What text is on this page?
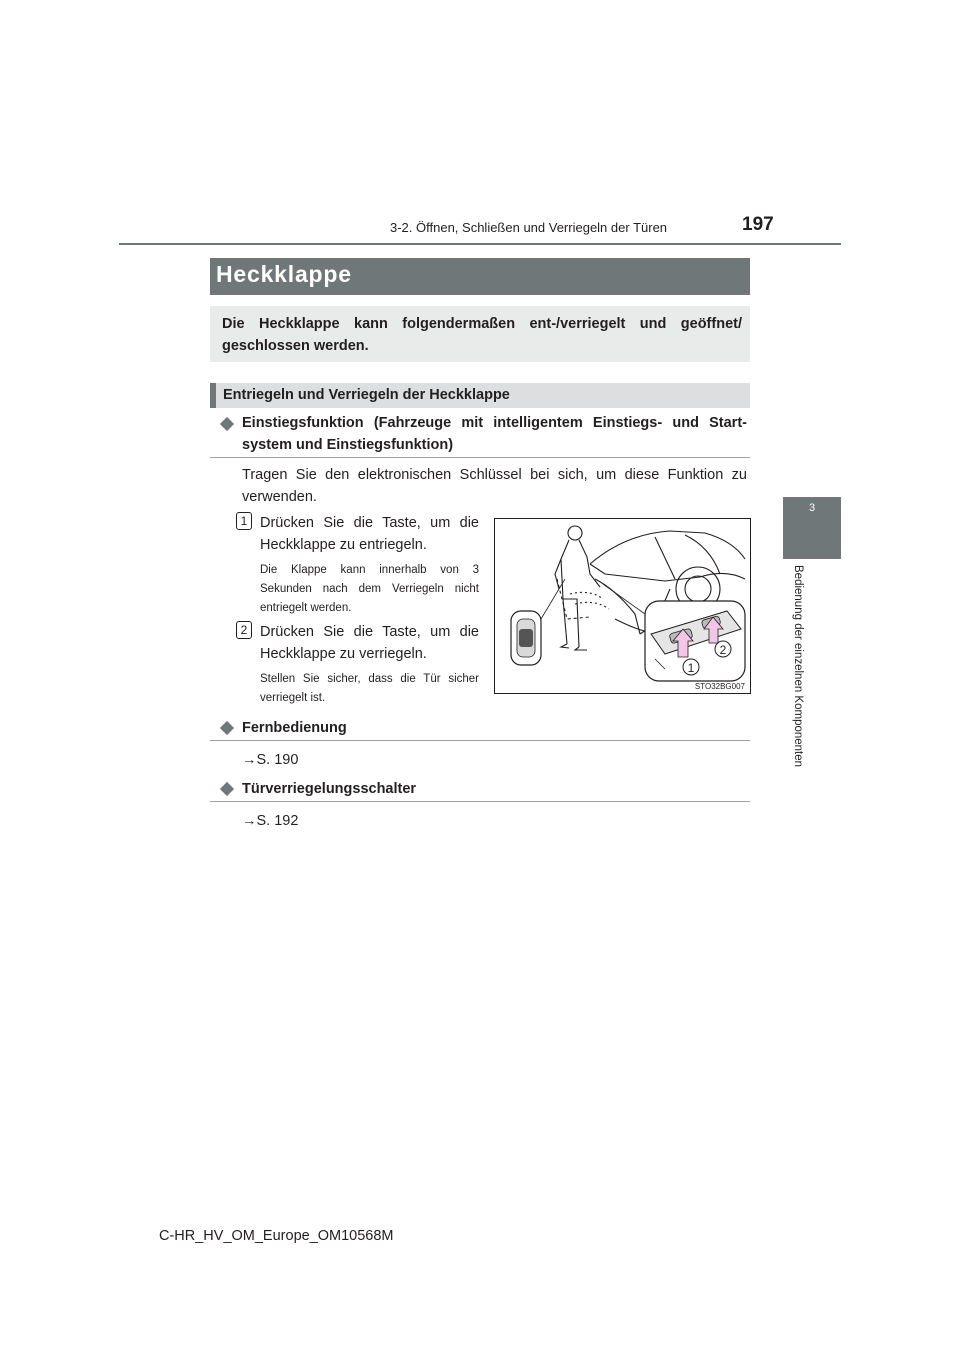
3-2. Öffnen, Schließen und Verriegeln der Türen	197
3
Bedienung der einzelnen Komponenten
Heckklappe
Die Heckklappe kann folgendermaßen ent-/verriegelt und geöffnet/ geschlossen werden.
Entriegeln und Verriegeln der Heckklappe
Einstiegsfunktion (Fahrzeuge mit intelligentem Einstiegs- und Start-system und Einstiegsfunktion)
Tragen Sie den elektronischen Schlüssel bei sich, um diese Funktion zu verwenden.
1 Drücken Sie die Taste, um die Heckklappe zu entriegeln.
Die Klappe kann innerhalb von 3 Sekunden nach dem Verriegeln nicht entriegelt werden.
2 Drücken Sie die Taste, um die Heckklappe zu verriegeln.
Stellen Sie sicher, dass die Tür sicher verriegelt ist.
1
2
STO32BG007
Fernbedienung
→S. 190
Türverriegelungsschalter
→S. 192
C-HR_HV_OM_Europe_OM10568M
